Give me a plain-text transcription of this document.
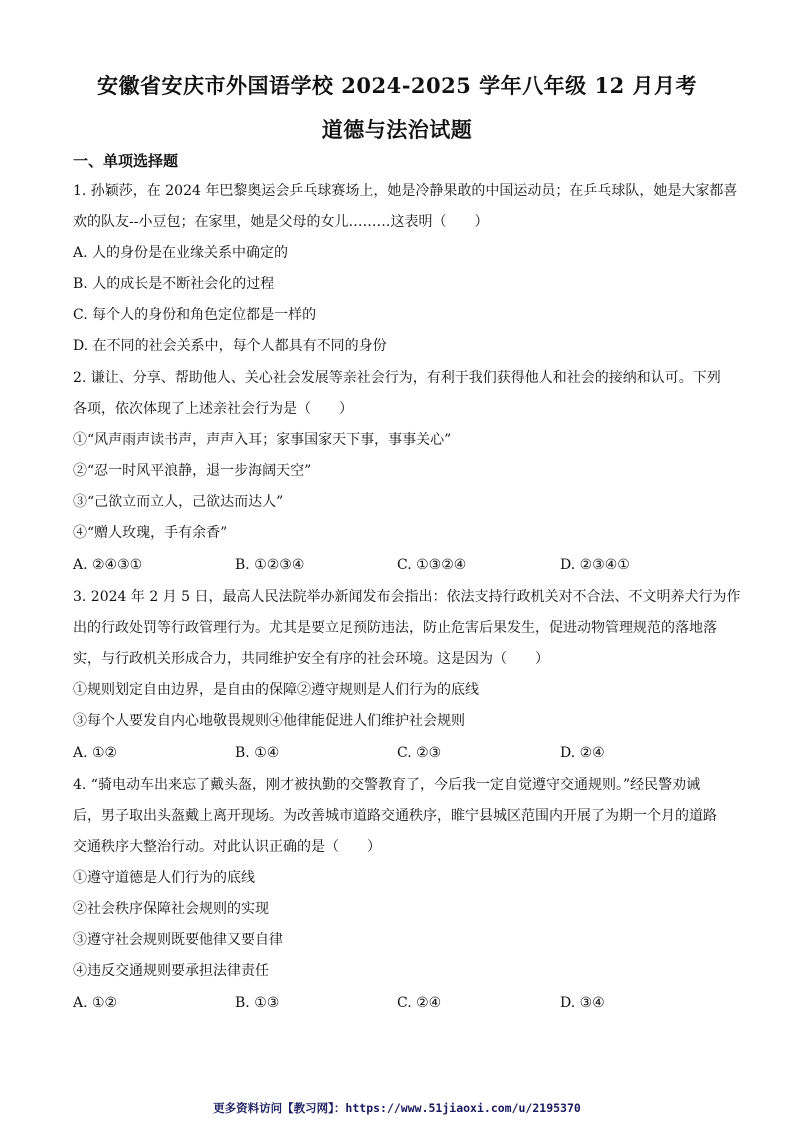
安徽省安庆市外国语学校 2024-2025 学年八年级 12 月月考
道德与法治试题
一、单项选择题
1. 孙颖莎，在 2024 年巴黎奥运会乒乓球赛场上，她是冷静果敢的中国运动员；在乒乓球队，她是大家都喜
欢的队友--小豆包；在家里，她是父母的女儿………这表明（　　）
A. 人的身份是在业缘关系中确定的
B. 人的成长是不断社会化的过程
C. 每个人的身份和角色定位都是一样的
D. 在不同的社会关系中，每个人都具有不同的身份
2. 谦让、分享、帮助他人、关心社会发展等亲社会行为，有利于我们获得他人和社会的接纳和认可。下列
各项，依次体现了上述亲社会行为是（　　）
①“风声雨声读书声，声声入耳；家事国家天下事，事事关心”
②“忍一时风平浪静，退一步海阔天空”
③“己欲立而立人，己欲达而达人”
④“赠人玫瑰，手有余香”
A. ②④③①	B. ①②③④	C. ①③②④	D. ②③④①
3. 2024 年 2 月 5 日，最高人民法院举办新闻发布会指出：依法支持行政机关对不合法、不文明养犬行为作
出的行政处罚等行政管理行为。尤其是要立足预防违法，防止危害后果发生，促进动物管理规范的落地落
实，与行政机关形成合力，共同维护安全有序的社会环境。这是因为（　　）
①规则划定自由边界，是自由的保障②遵守规则是人们行为的底线
③每个人要发自内心地敬畏规则④他律能促进人们维护社会规则
A. ①②	B. ①④	C. ②③	D. ②④
4. “骑电动车出来忘了戴头盔，刚才被执勤的交警教育了，今后我一定自觉遵守交通规则。”经民警劝诫
后，男子取出头盔戴上离开现场。为改善城市道路交通秩序，睢宁县城区范围内开展了为期一个月的道路
交通秩序大整治行动。对此认识正确的是（　　）
①遵守道德是人们行为的底线
②社会秩序保障社会规则的实现
③遵守社会规则既要他律又要自律
④违反交通规则要承担法律责任
A. ①②	B. ①③	C. ②④	D. ③④
更多资料访问【教习网】：https://www.51jiaoxi.com/u/2195370
